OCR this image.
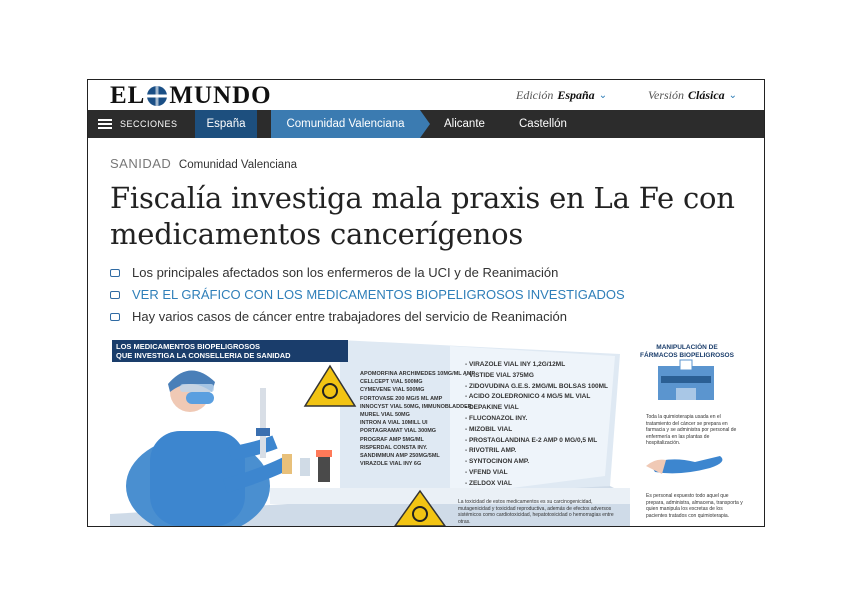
EL MUNDO	Edición España ⌄	Versión Clásica ⌄
SECCIONES	España	Comunidad Valenciana	Alicante	Castellón
SANIDAD Comunidad Valenciana
Fiscalía investiga mala praxis en La Fe con medicamentos cancerígenos
Los principales afectados son los enfermeros de la UCI y de Reanimación
VER EL GRÁFICO CON LOS MEDICAMENTOS BIOPELIGROSOS INVESTIGADOS
Hay varios casos de cáncer entre trabajadores del servicio de Reanimación
LOS MEDICAMENTOS BIOPELIGROSOS
QUE INVESTIGA LA CONSELLERIA DE SANIDAD
APOMORFINA ARCHIMEDES 10MG/ML AMP
CELLCEPT VIAL 500MG
CYMEVENE VIAL 500MG
FORTOVASE 200 MG/5 ML AMP
INNOCYST VIAL 50MG, IMMUNOBLADDER
MUREL VIAL 50MG
INTRON A VIAL 10MILL UI
PORTAGRAMAT VIAL 300MG
PROGRAF AMP 5MG/ML
RISPERDAL CONSTA INY.
SANDIMMUN AMP 250MG/5ML
VIRAZOLE VIAL INY 6G
- VIRAZOLE VIAL INY 1,2G/12ML
- VISTIDE VIAL 375MG
- ZIDOVUDINA G.E.S. 2MG/ML BOLSAS 100ML
- ACIDO ZOLEDRONICO 4 MG/5 ML VIAL
- DEPAKINE VIAL
- FLUCONAZOL INY.
- MIZOBIL VIAL
- PROSTAGLANDINA E-2 AMP 0 MG/0,5 ML
- RIVOTRIL AMP.
- SYNTOCINON AMP.
- VFEND VIAL
- ZELDOX VIAL
MANIPULACIÓN DE
FÁRMACOS BIOPELIGROSOS
HOSPITAL
Toda la quimioterapia usada en el tratamiento del cáncer se prepara en farmacia y se administra por personal de enfermería en las plantas de hospitalización.
Es personal expuesto todo aquel que prepara, administra, almacena, transporta y quien manipula los excretas de los pacientes tratados con quimioterapia.
La toxicidad de estos medicamentos es su carcinogenicidad, mutagenicidad y toxicidad reproductiva, además de efectos adversos sistémicos como cardiotoxicidad, hepatotoxicidad o hemorragias entre otras.
